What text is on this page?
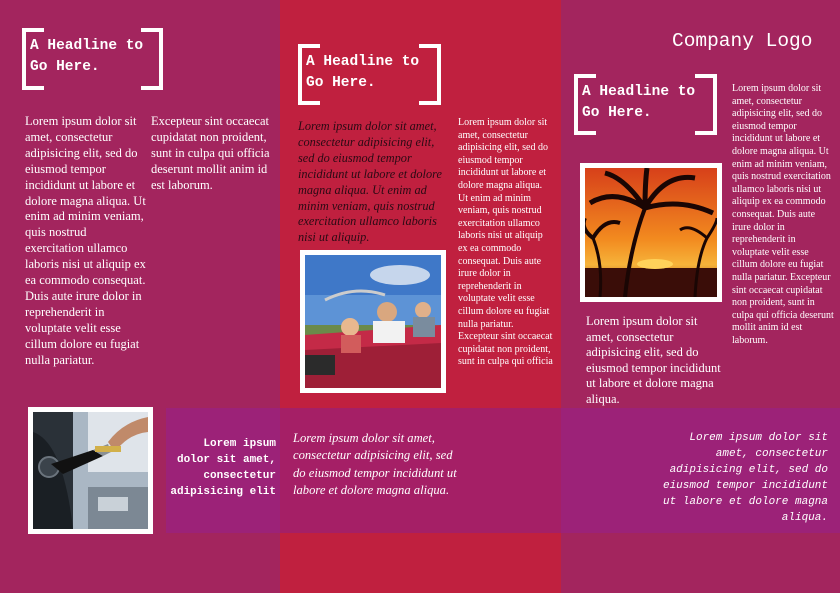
Company Logo
A Headline to
Go Here.
Lorem ipsum dolor sit amet, consectetur adipisicing elit, sed do eiusmod tempor incididunt ut labore et dolore magna aliqua. Ut enim ad minim veniam, quis nostrud exercitation ullamco laboris nisi ut aliquip ex ea commodo consequat. Duis aute irure dolor in reprehenderit in voluptate velit esse cillum dolore eu fugiat nulla pariatur.
Excepteur sint occaecat cupidatat non proident, sunt in culpa qui officia deserunt mollit anim id est laborum.
Lorem ipsum dolor sit amet, consectetur adipisicing elit
A Headline to
Go Here.
Lorem ipsum dolor sit amet, consectetur adipisicing elit, sed do eiusmod tempor incididunt ut labore et dolore magna aliqua. Ut enim ad minim veniam, quis nostrud exercitation ullamco laboris nisi ut aliquip.
Lorem ipsum dolor sit amet, consectetur adipisicing elit, sed do eiusmod tempor incididunt ut labore et dolore magna aliqua. Ut enim ad minim veniam, quis nostrud exercitation ullamco laboris nisi ut aliquip ex ea commodo consequat. Duis aute irure dolor in reprehenderit in voluptate velit esse cillum dolore eu fugiat nulla pariatur. Excepteur sint occaecat cupidatat non proident, sunt in culpa qui officia
Lorem ipsum dolor sit amet, consectetur adipisicing elit, sed do eiusmod tempor incididunt ut labore et dolore magna aliqua.
A Headline to
Go Here.
Lorem ipsum dolor sit amet, consectetur adipisicing elit, sed do eiusmod tempor incididunt ut labore et dolore magna aliqua. Ut enim ad minim veniam, quis nostrud exercitation ullamco laboris nisi ut aliquip ex ea commodo consequat. Duis aute irure dolor in reprehenderit in voluptate velit esse cillum dolore eu fugiat nulla pariatur. Excepteur sint occaecat cupidatat non proident, sunt in culpa qui officia deserunt mollit anim id est laborum.
Lorem ipsum dolor sit amet, consectetur adipisicing elit, sed do eiusmod tempor incididunt ut labore et dolore magna aliqua.
Lorem ipsum dolor sit amet, consectetur adipisicing elit, sed do eiusmod tempor incididunt ut labore et dolore magna aliqua.
